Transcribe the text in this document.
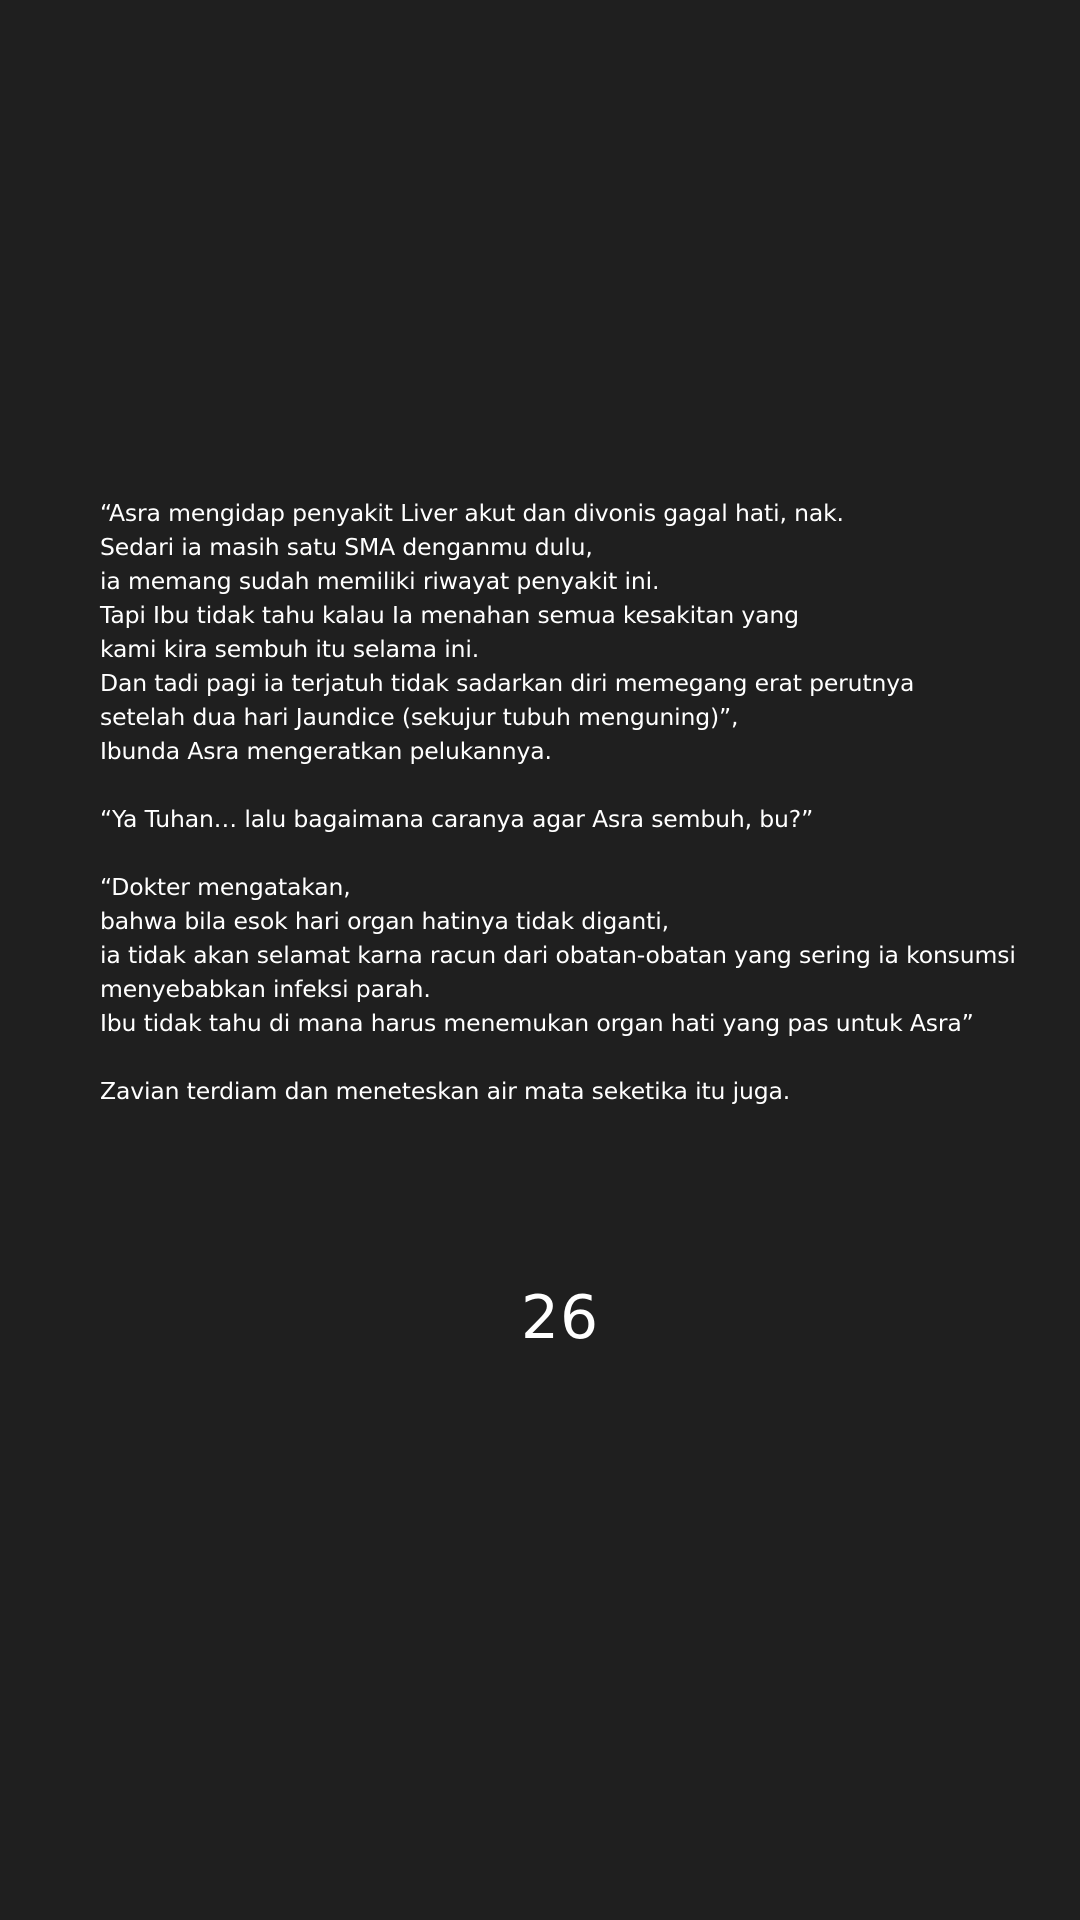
“Asra mengidap penyakit Liver akut dan divonis gagal hati, nak.
Sedari ia masih satu SMA denganmu dulu,
ia memang sudah memiliki riwayat penyakit ini.
Tapi Ibu tidak tahu kalau Ia menahan semua kesakitan yang
kami kira sembuh itu selama ini.
Dan tadi pagi ia terjatuh tidak sadarkan diri memegang erat perutnya
setelah dua hari Jaundice (sekujur tubuh menguning)”,
Ibunda Asra mengeratkan pelukannya.
“Ya Tuhan… lalu bagaimana caranya agar Asra sembuh, bu?”
“Dokter mengatakan,
bahwa bila esok hari organ hatinya tidak diganti,
ia tidak akan selamat karna racun dari obatan-obatan yang sering ia konsumsi
menyebabkan infeksi parah.
Ibu tidak tahu di mana harus menemukan organ hati yang pas untuk Asra”
Zavian terdiam dan meneteskan air mata seketika itu juga.
26
